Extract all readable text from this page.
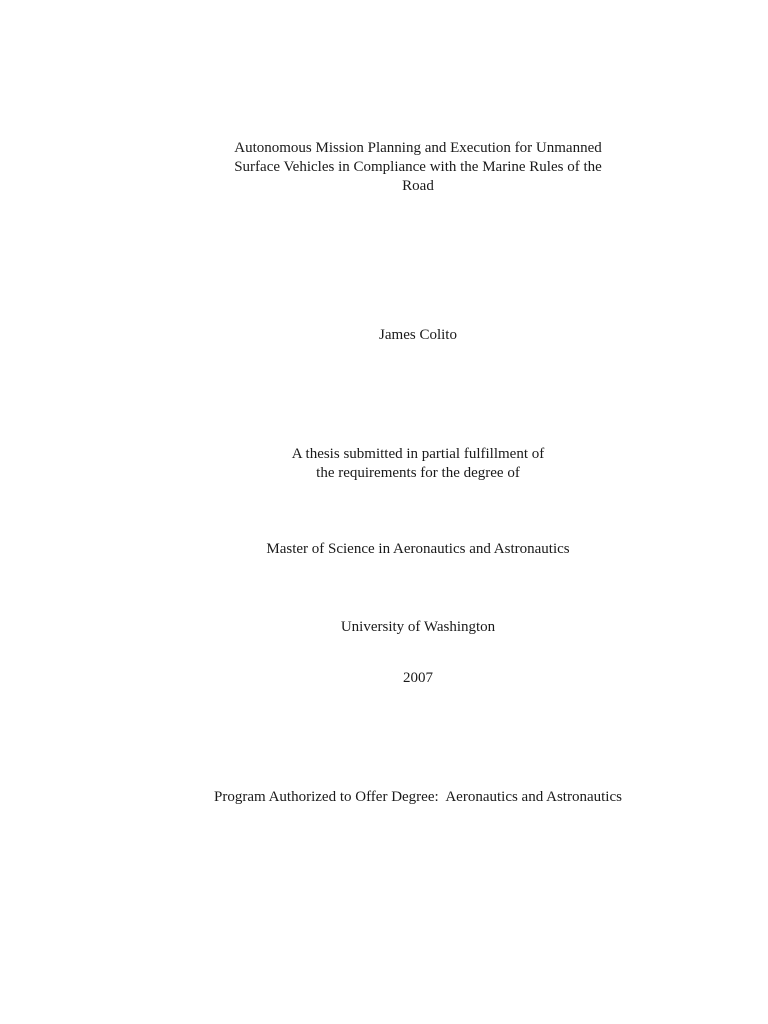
Autonomous Mission Planning and Execution for Unmanned
Surface Vehicles in Compliance with the Marine Rules of the
Road
James Colito
A thesis submitted in partial fulfillment of
the requirements for the degree of
Master of Science in Aeronautics and Astronautics
University of Washington
2007
Program Authorized to Offer Degree:  Aeronautics and Astronautics
